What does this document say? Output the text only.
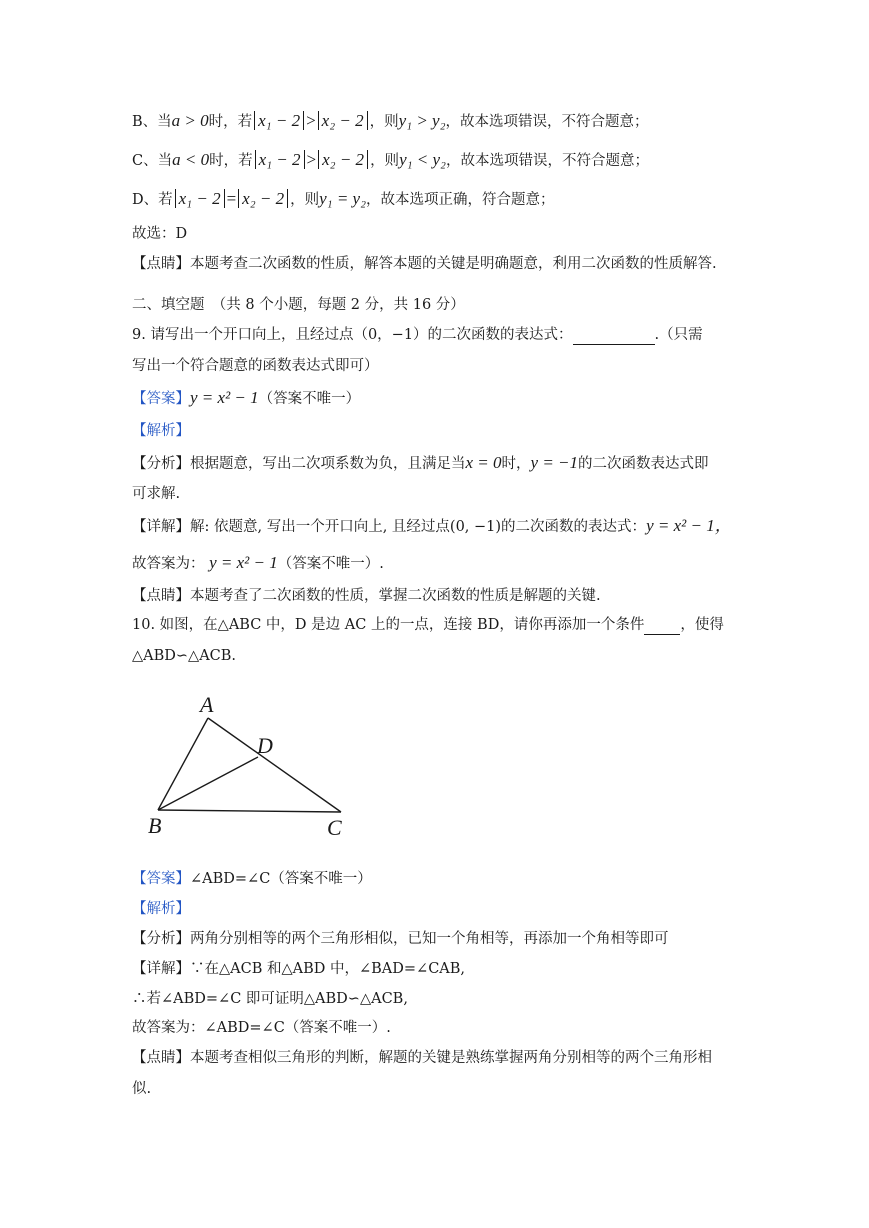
B、当a > 0时，若 x₁ − 2 > x₂ − 2 ，则y₁ > y₂，故本选项错误，不符合题意；
C、当a < 0时，若 x₁ − 2 > x₂ − 2 ，则y₁ < y₂，故本选项错误，不符合题意；
D、若 x₁ − 2 = x₂ − 2 ，则y₁ = y₂，故本选项正确，符合题意；
故选：D
【点睛】本题考查二次函数的性质，解答本题的关键是明确题意，利用二次函数的性质解答.
二、填空题　（共 8 个小题，每题 2 分，共 16 分）
9. 请写出一个开口向上，且经过点（0，−1）的二次函数的表达式：	.（只需
写出一个符合题意的函数表达式即可）
【答案】y = x² − 1（答案不唯一）
【解析】
【分析】根据题意，写出二次项系数为负，且满足当x = 0时，y = −1的二次函数表达式即
可求解.
【详解】解: 依题意, 写出一个开口向上, 且经过点(0, −1)的二次函数的表达式：y = x² − 1，
故答案为： y = x² − 1（答案不唯一）.
【点睛】本题考查了二次函数的性质，掌握二次函数的性质是解题的关键.
10. 如图，在△ABC 中，D 是边 AC 上的一点，连接 BD，请你再添加一个条件 ，使得
△ABD∽△ACB.
A
D
B	C
【答案】∠ABD=∠C（答案不唯一）
【解析】
【分析】两角分别相等的两个三角形相似，已知一个角相等，再添加一个角相等即可
【详解】∵在△ACB 和△ABD 中，∠BAD=∠CAB,
∴若∠ABD=∠C 即可证明△ABD∽△ACB,
故答案为：∠ABD=∠C（答案不唯一）.
【点睛】本题考查相似三角形的判断，解题的关键是熟练掌握两角分别相等的两个三角形相
似.
